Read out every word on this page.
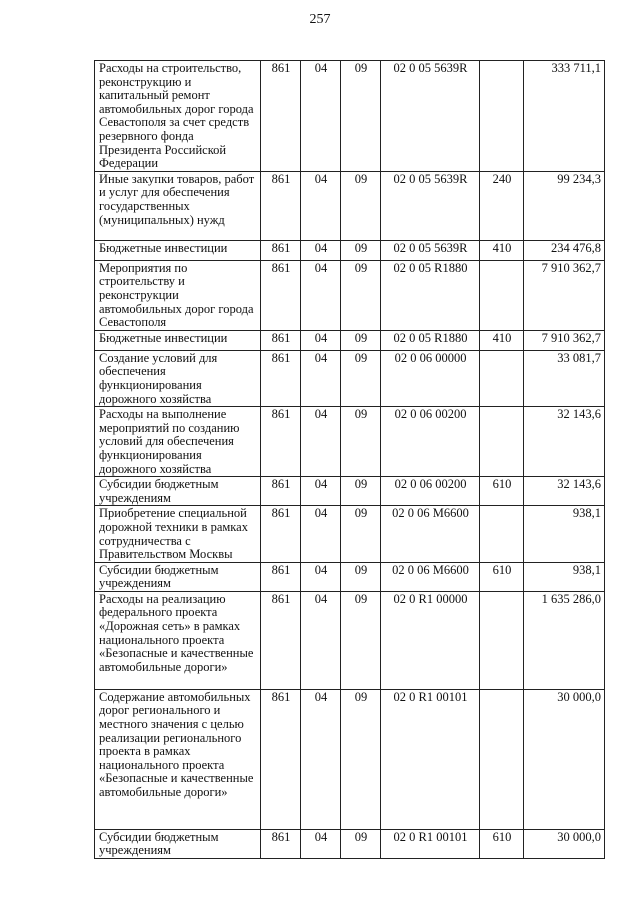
257
Расходы на строительство, реконструкцию и капитальный ремонт автомобильных дорог города Севастополя за счет средств резервного фонда Президента Российской Федерации	861	04	09	02 0 05 5639R		333 711,1
Иные закупки товаров, работ и услуг для обеспечения государственных (муниципальных) нужд	861	04	09	02 0 05 5639R	240	99 234,3
Бюджетные инвестиции	861	04	09	02 0 05 5639R	410	234 476,8
Мероприятия по строительству и реконструкции автомобильных дорог города Севастополя	861	04	09	02 0 05 R1880		7 910 362,7
Бюджетные инвестиции	861	04	09	02 0 05 R1880	410	7 910 362,7
Создание условий для обеспечения функционирования дорожного хозяйства	861	04	09	02 0 06 00000		33 081,7
Расходы на выполнение мероприятий по созданию условий для обеспечения функционирования дорожного хозяйства	861	04	09	02 0 06 00200		32 143,6
Субсидии бюджетным учреждениям	861	04	09	02 0 06 00200	610	32 143,6
Приобретение специальной дорожной техники в рамках сотрудничества с Правительством Москвы	861	04	09	02 0 06 M6600		938,1
Субсидии бюджетным учреждениям	861	04	09	02 0 06 M6600	610	938,1
Расходы на реализацию федерального проекта «Дорожная сеть» в рамках национального проекта «Безопасные и качественные автомобильные дороги»	861	04	09	02 0 R1 00000		1 635 286,0
Содержание автомобильных дорог регионального и местного значения с целью реализации регионального проекта в рамках национального проекта «Безопасные и качественные автомобильные дороги»	861	04	09	02 0 R1 00101		30 000,0
Субсидии бюджетным учреждениям	861	04	09	02 0 R1 00101	610	30 000,0
